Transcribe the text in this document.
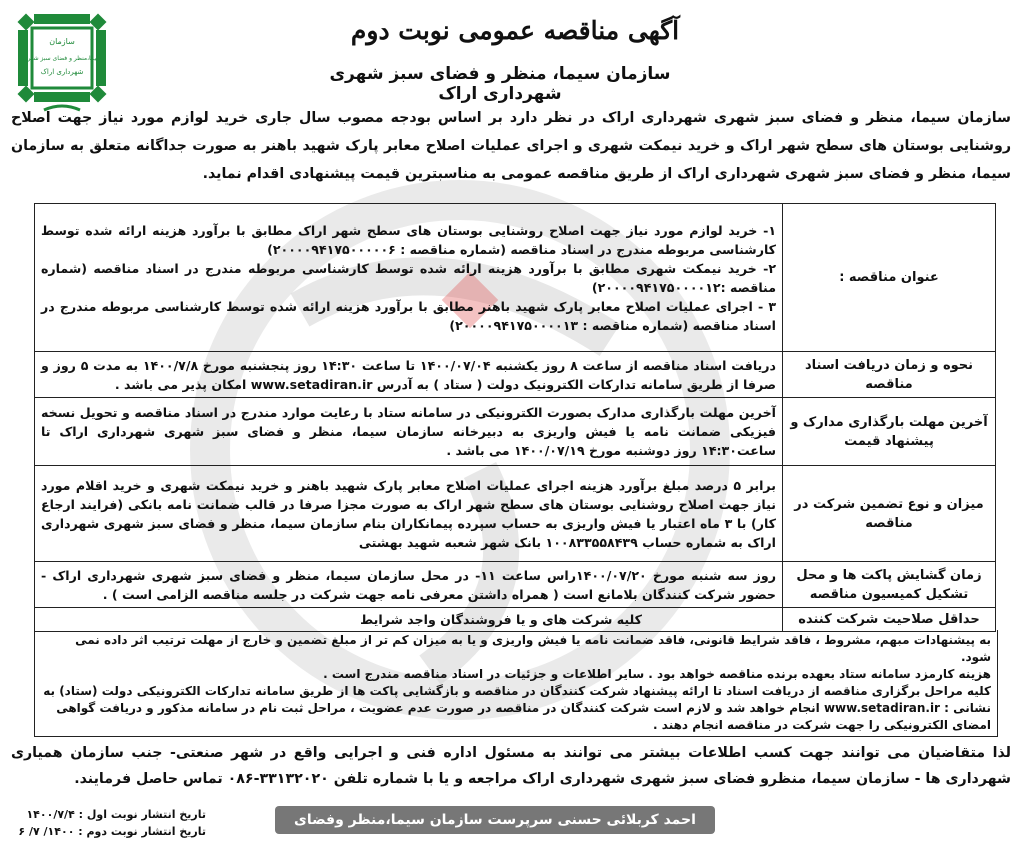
سازمان
سیما،منظر و فضای سبز شهری
شهرداری اراک
آگهی مناقصه عمومی نوبت دوم
سازمان سیما، منظر و فضای سبز شهری شهرداری اراک
سازمان سیما، منظر و فضای سبز شهری شهرداری اراک در نظر دارد بر اساس بودجه مصوب سال جاری خرید لوازم مورد نیاز جهت اصلاح روشنایی بوستان های سطح شهر اراک و خرید نیمکت شهری و اجرای عملیات اصلاح معابر پارک شهید باهنر به صورت جداگانه متعلق به سازمان سیما، منظر و فضای سبز شهری شهرداری اراک از طریق مناقصه عمومی به مناسبترین قیمت پیشنهادی اقدام نماید.
عنوان مناقصه :	۱- خرید لوازم مورد نیاز جهت اصلاح روشنایی بوستان های سطح شهر اراک مطابق با برآورد هزینه ارائه شده توسط کارشناسی مربوطه مندرج در اسناد مناقصه (شماره مناقصه : ۲۰۰۰۰۹۴۱۷۵۰۰۰۰۰۶)
۲- خرید نیمکت شهری مطابق با برآورد هزینه ارائه شده توسط کارشناسی مربوطه مندرج در اسناد مناقصه (شماره مناقصه :۲۰۰۰۰۹۴۱۷۵۰۰۰۰۱۲)
۳ - اجرای عملیات اصلاح معابر پارک شهید باهنر مطابق با برآورد هزینه ارائه شده توسط کارشناسی مربوطه مندرج در اسناد مناقصه (شماره مناقصه : ۲۰۰۰۰۹۴۱۷۵۰۰۰۰۱۳)

نحوه و زمان دریافت اسناد مناقصه	دریافت اسناد مناقصه از ساعت ۸ روز یکشنبه ۱۴۰۰/۰۷/۰۴ تا ساعت ۱۴:۳۰ روز پنجشنبه مورخ ۱۴۰۰/۷/۸ به مدت ۵ روز و صرفا از طریق سامانه تدارکات الکترونیک دولت ( ستاد ) به آدرس www.setadiran.ir امکان پذیر می باشد .
آخرین مهلت بارگذاری مدارک و پیشنهاد قیمت	آخرین مهلت بارگذاری مدارک بصورت الکترونیکی در سامانه ستاد با رعایت موارد مندرج در اسناد مناقصه و تحویل نسخه فیزیکی ضمانت نامه یا فیش واریزی به دبیرخانه سازمان سیما، منظر و فضای سبز شهری شهرداری اراک تا ساعت۱۴:۳۰ روز دوشنبه مورخ ۱۴۰۰/۰۷/۱۹ می باشد .
میزان و نوع تضمین شرکت در مناقصه	برابر ۵ درصد مبلغ برآورد هزینه اجرای عملیات اصلاح معابر پارک شهید باهنر و خرید نیمکت شهری و خرید اقلام مورد نیاز جهت اصلاح روشنایی بوستان های سطح شهر اراک به صورت مجزا صرفا در قالب ضمانت نامه بانکی (فرایند ارجاع کار) با ۳ ماه اعتبار یا فیش واریزی به حساب سپرده پیمانکاران بنام سازمان سیما، منظر و فضای سبز شهری شهرداری اراک به شماره حساب ۱۰۰۸۳۳۵۵۸۴۳۹ بانک شهر شعبه شهید بهشتی
زمان گشایش پاکت ها و محل تشکیل کمیسیون مناقصه	روز سه شنبه مورخ ۱۴۰۰/۰۷/۲۰راس ساعت ۱۱- در محل سازمان سیما، منظر و فضای سبز شهری شهرداری اراک - حضور شرکت کنندگان بلامانع است ( همراه داشتن معرفی نامه جهت شرکت در جلسه مناقصه الزامی است ) .
حداقل صلاحیت شرکت کننده	کلیه شرکت های و یا فروشندگان واجد شرایط
به پیشنهادات مبهم، مشروط ، فاقد شرایط قانونی، فاقد ضمانت نامه یا فیش واریزی و یا به میزان کم تر از مبلغ تضمین و خارج از مهلت ترتیب اثر داده نمی شود.
هزینه کارمزد سامانه ستاد بعهده برنده مناقصه خواهد بود . سایر اطلاعات و جزئیات در اسناد مناقصه مندرج است .
کلیه مراحل برگزاری مناقصه از دریافت اسناد تا ارائه پیشنهاد شرکت کنندگان در مناقصه و بازگشایی پاکت ها از طریق سامانه تدارکات الکترونیکی دولت (ستاد) به نشانی : www.setadiran.ir انجام خواهد شد و لازم است شرکت کنندگان در مناقصه در صورت عدم عضویت ، مراحل ثبت نام در سامانه مذکور و دریافت گواهی امضای الکترونیکی را جهت شرکت در مناقصه انجام دهند .
لذا متقاضیان می توانند جهت کسب اطلاعات بیشتر می توانند به مسئول اداره فنی و اجرایی واقع در شهر صنعتی- جنب سازمان همیاری شهرداری ها - سازمان سیما، منظرو فضای سبز شهری شهرداری اراک مراجعه و یا با شماره تلفن ۳۳۱۳۲۰۲۰-۰۸۶ تماس حاصل فرمایند.
احمد کربلائی حسنی سرپرست سازمان سیما،منظر وفضای سبزشهری
تاریخ انتشار نوبت اول : ۱۴۰۰/۷/۴
تاریخ انتشار نوبت دوم : ۱۴۰۰/ ۷/ ۶
